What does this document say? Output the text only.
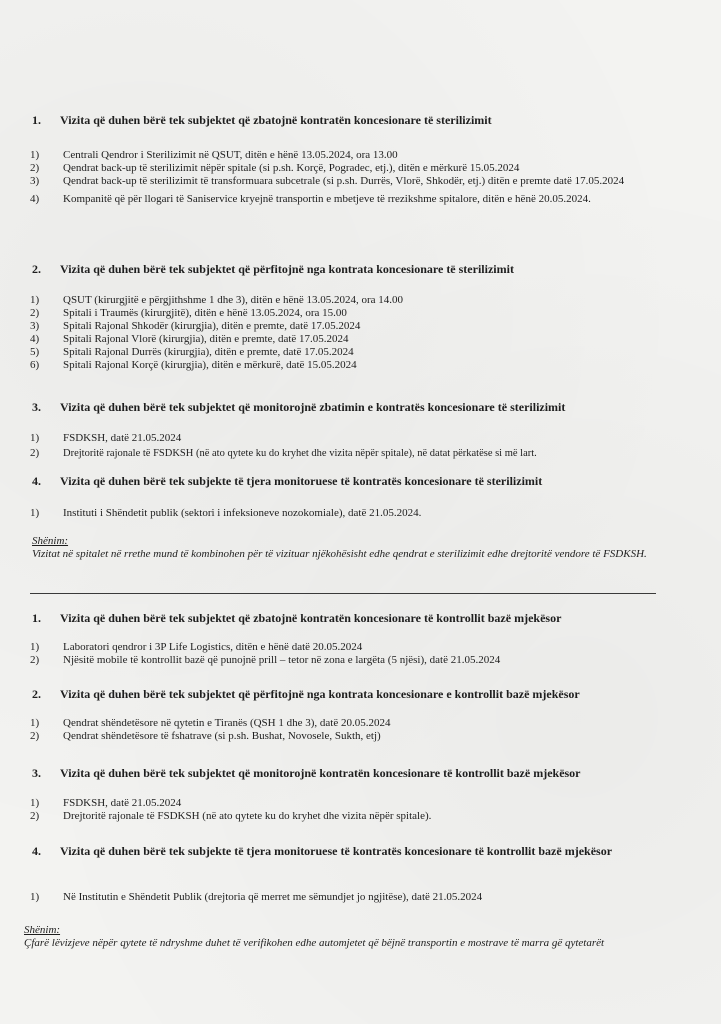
1. Vizita që duhen bërë tek subjektet që zbatojnë kontratën koncesionare të sterilizimit

1) Centrali Qendror i Sterilizimit në QSUT, ditën e hënë 13.05.2024, ora 13.00
2) Qendrat back-up të sterilizimit nëpër spitale (si p.sh. Korçë, Pogradec, etj.), ditën e mërkurë 15.05.2024
3) Qendrat back-up të sterilizimit të transformuara subcetrale (si p.sh. Durrës, Vlorë, Shkodër, etj.) ditën e premte datë 17.05.2024
4) Kompanitë që për llogari të Saniservice kryejnë transportin e mbetjeve të rrezikshme spitalore, ditën e hënë 20.05.2024.

2. Vizita që duhen bërë tek subjektet që përfitojnë nga kontrata koncesionare të sterilizimit

1) QSUT (kirurgjitë e përgjithshme 1 dhe 3), ditën e hënë 13.05.2024, ora 14.00
2) Spitali i Traumës (kirurgjitë), ditën e hënë 13.05.2024, ora 15.00
3) Spitali Rajonal Shkodër (kirurgjia), ditën e premte, datë 17.05.2024
4) Spitali Rajonal Vlorë (kirurgjia), ditën e premte, datë 17.05.2024
5) Spitali Rajonal Durrës (kirurgjia), ditën e premte, datë 17.05.2024
6) Spitali Rajonal Korçë (kirurgjia), ditën e mërkurë, datë 15.05.2024

3. Vizita që duhen bërë tek subjektet që monitorojnë zbatimin e kontratës koncesionare të sterilizimit

1) FSDKSH, datë 21.05.2024
2) Drejtoritë rajonale të FSDKSH (në ato qytete ku do kryhet dhe vizita nëpër spitale), në datat përkatëse si më lart.

4. Vizita që duhen bërë tek subjekte të tjera monitoruese të kontratës koncesionare të sterilizimit

1) Instituti i Shëndetit publik (sektori i infeksioneve nozokomiale), datë 21.05.2024.
Shënim:
Vizitat në spitalet në rrethe mund të kombinohen për të vizituar njëkohësisht edhe qendrat e sterilizimit edhe drejtoritë vendore të FSDKSH.

1. Vizita që duhen bërë tek subjektet që zbatojnë kontratën koncesionare të kontrollit bazë mjekësor

1) Laboratori qendror i 3P Life Logistics, ditën e hënë datë 20.05.2024
2) Njësitë mobile të kontrollit bazë që punojnë prill – tetor në zona e largëta (5 njësi), datë 21.05.2024

2. Vizita që duhen bërë tek subjektet që përfitojnë nga kontrata koncesionare e kontrollit bazë mjekësor

1) Qendrat shëndetësore në qytetin e Tiranës (QSH 1 dhe 3), datë 20.05.2024
2) Qendrat shëndetësore të fshatrave (si p.sh. Bushat, Novosele, Sukth, etj)

3. Vizita që duhen bërë tek subjektet që monitorojnë kontratën koncesionare të kontrollit bazë mjekësor

1) FSDKSH, datë 21.05.2024
2) Drejtoritë rajonale të FSDKSH (në ato qytete ku do kryhet dhe vizita nëpër spitale).

4. Vizita që duhen bërë tek subjekte të tjera monitoruese të kontratës koncesionare të kontrollit bazë mjekësor

1) Në Institutin e Shëndetit Publik (drejtoria që merret me sëmundjet jo ngjitëse), datë 21.05.2024
Shënim:
Çfarë lëvizjeve nëpër qytete të ndryshme duhet të verifikohen edhe automjetet që bëjnë transportin e mostrave të marra gë qytetarët
